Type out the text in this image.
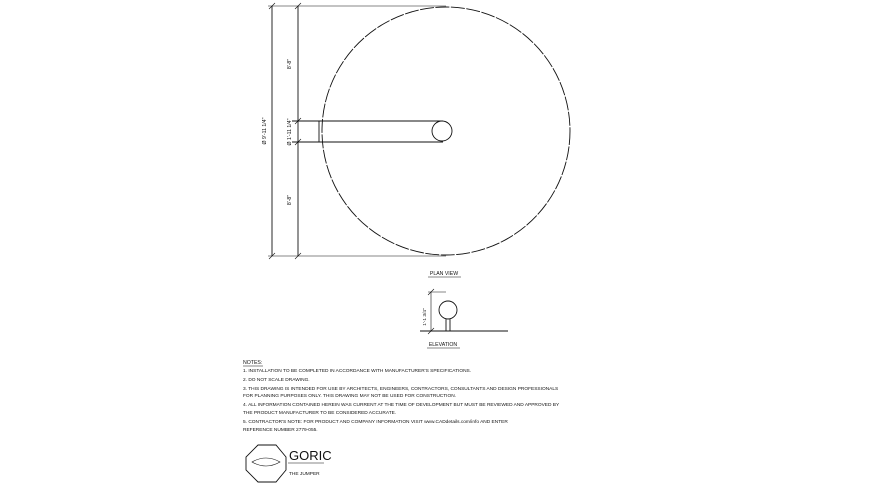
8'-8"
Ø 1'-11 1/4"
8'-8"
Ø 9'-11 1/4"
PLAN VIEW
1'-1 3/4"
ELEVATION
NOTES:
1. INSTALLATION TO BE COMPLETED IN ACCORDANCE WITH MANUFACTURER'S SPECIFICATIONS.
2. DO NOT SCALE DRAWING.
3. THIS DRAWING IS INTENDED FOR USE BY ARCHITECTS, ENGINEERS, CONTRACTORS, CONSULTANTS AND DESIGN PROFESSIONALS
FOR PLANNING PURPOSES ONLY. THIS DRAWING MAY NOT BE USED FOR CONSTRUCTION.
4. ALL INFORMATION CONTAINED HEREIN WAS CURRENT AT THE TIME OF DEVELOPMENT BUT MUST BE REVIEWED AND APPROVED BY
THE PRODUCT MANUFACTURER TO BE CONSIDERED ACCURATE.
5. CONTRACTOR'S NOTE: FOR PRODUCT AND COMPANY INFORMATION VISIT www.CADdetails.com/info AND ENTER
REFERENCE NUMBER 2779-055.
GORIC
THE JUMPER
